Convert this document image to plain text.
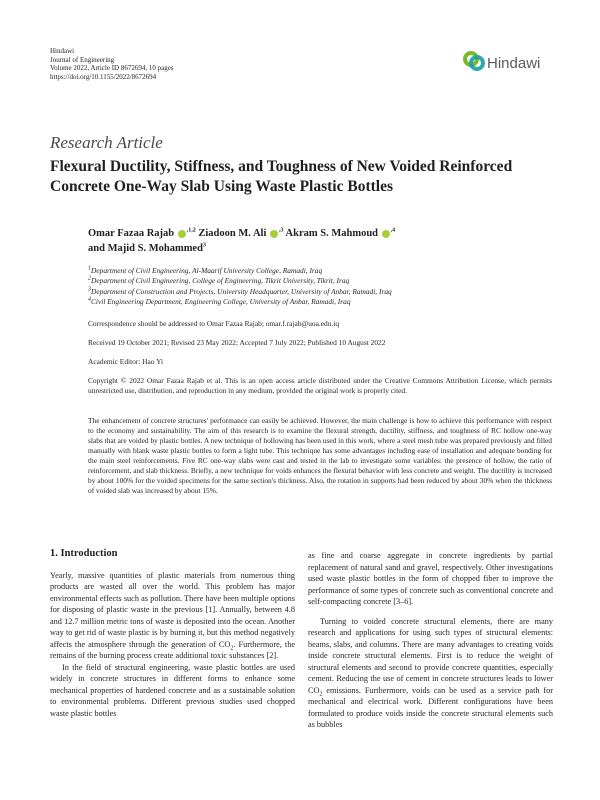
Hindawi
Journal of Engineering
Volume 2022, Article ID 8672694, 10 pages
https://doi.org/10.1155/2022/8672694
Hindawi
Research Article
Flexural Ductility, Stiffness, and Toughness of New Voided Reinforced Concrete One-Way Slab Using Waste Plastic Bottles
Omar Fazaa Rajab $^{,1,2}$ Ziadoon M. Ali $^{,3}$ Akram S. Mahmoud $^{,4}$
and Majid S. Mohammed$^3$
$^1$Department of Civil Engineering, Al-Maarif University College, Ramadi, Iraq
$^2$Department of Civil Engineering, College of Engineering, Tikrit University, Tikrit, Iraq
$^3$Department of Construction and Projects, University Headquarter, University of Anbar, Ramadi, Iraq
$^4$Civil Engineering Department, Engineering College, University of Anbar, Ramadi, Iraq
Correspondence should be addressed to Omar Fazaa Rajab; omar.f.rajab@uoa.edu.iq
Received 19 October 2021; Revised 23 May 2022; Accepted 7 July 2022; Published 10 August 2022
Academic Editor: Hao Yi
Copyright © 2022 Omar Fazaa Rajab et al. This is an open access article distributed under the Creative Commons Attribution License, which permits unrestricted use, distribution, and reproduction in any medium, provided the original work is properly cited.
The enhancement of concrete structures' performance can easily be achieved. However, the main challenge is how to achieve this performance with respect to the economy and sustainability. The aim of this research is to examine the flexural strength, ductility, stiffness, and toughness of RC hollow one-way slabs that are voided by plastic bottles. A new technique of hollowing has been used in this work, where a steel mesh tube was prepared previously and filled manually with blank waste plastic bottles to form a light tube. This technique has some advantages including ease of installation and adequate bonding for the main steel reinforcements. Five RC one-way slabs were cast and tested in the lab to investigate some variables: the presence of hollow, the ratio of reinforcement, and slab thickness. Briefly, a new technique for voids enhances the flexural behavior with less concrete and weight. The ductility is increased by about 100% for the voided specimens for the same section's thickness. Also, the rotation in supports had been reduced by about 30% when the thickness of voided slab was increased by about 15%.

1. Introduction

Yearly, massive quantities of plastic materials from numerous thing products are wasted all over the world. This problem has major environmental effects such as pollution. There have been multiple options for disposing of plastic waste in the previous [1]. Annually, between 4.8 and 12.7 million metric tons of waste is deposited into the ocean. Another way to get rid of waste plastic is by burning it, but this method negatively affects the atmosphere through the generation of $CO_2$. Furthermore, the remains of the burning process create additional toxic substances [2].

In the field of structural engineering, waste plastic bottles are used widely in concrete structures in different forms to enhance some mechanical properties of hardened concrete and as a sustainable solution to environmental problems. Different previous studies used chopped waste plastic bottles

as fine and coarse aggregate in concrete ingredients by partial replacement of natural sand and gravel, respectively. Other investigations used waste plastic bottles in the form of chopped fiber to improve the performance of some types of concrete such as conventional concrete and self-compacting concrete [3–6].

Turning to voided concrete structural elements, there are many research and applications for using such types of structural elements: beams, slabs, and columns. There are many advantages to creating voids inside concrete structural elements. First is to reduce the weight of structural elements and second to provide concrete quantities, especially cement. Reducing the use of cement in concrete structures leads to lower $CO_2$ emissions. Furthermore, voids can be used as a service path for mechanical and electrical work. Different configurations have been formulated to produce voids inside the concrete structural elements such as bubbles
